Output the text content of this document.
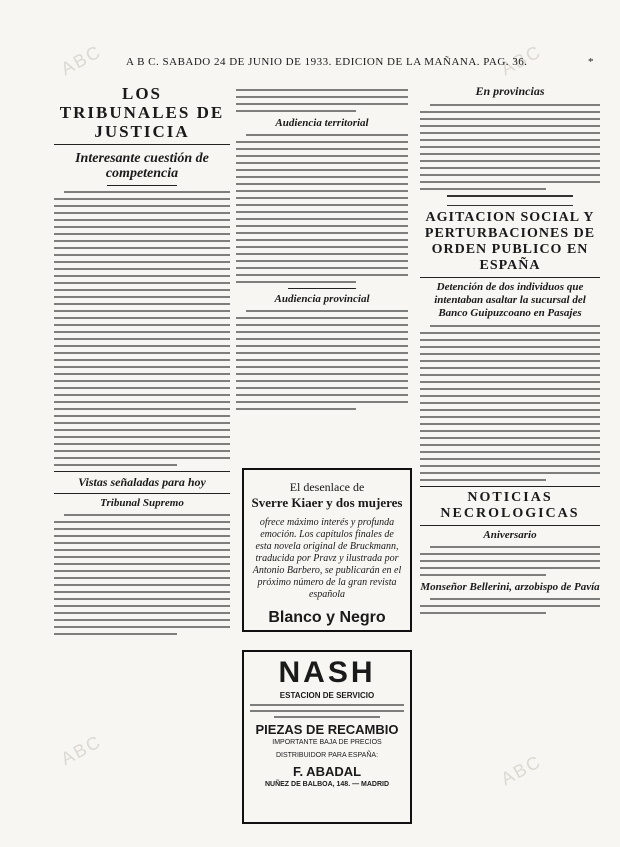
ABC	ABC
ABC
ABC
A B C. SABADO 24 DE JUNIO DE 1933. EDICION DE LA MAÑANA. PAG. 36.	*
LOS TRIBUNALES DE JUSTICIA
Interesante cuestión de competencia
Vistas señaladas para hoy
Tribunal Supremo
Audiencia territorial
Audiencia provincial
El desenlace de
Sverre Kiaer y dos mujeres
ofrece máximo interés y profunda emoción. Los capítulos finales de esta novela original de Bruckmann, traducida por Pravz y ilustrada por Antonio Barbero, se publicarán en el próximo número de la gran revista española
Blanco y Negro
NASH
ESTACION DE SERVICIO
PIEZAS DE RECAMBIO
IMPORTANTE BAJA DE PRECIOS
DISTRIBUIDOR PARA ESPAÑA:
F. ABADAL
NUÑEZ DE BALBOA, 148. — MADRID
En provincias
AGITACION SOCIAL Y PERTURBACIONES DE ORDEN PUBLICO EN ESPAÑA
Detención de dos individuos que intentaban asaltar la sucursal del Banco Guipuzcoano en Pasajes
NOTICIAS NECROLOGICAS
Aniversario
Monseñor Bellerini, arzobispo de Pavía
